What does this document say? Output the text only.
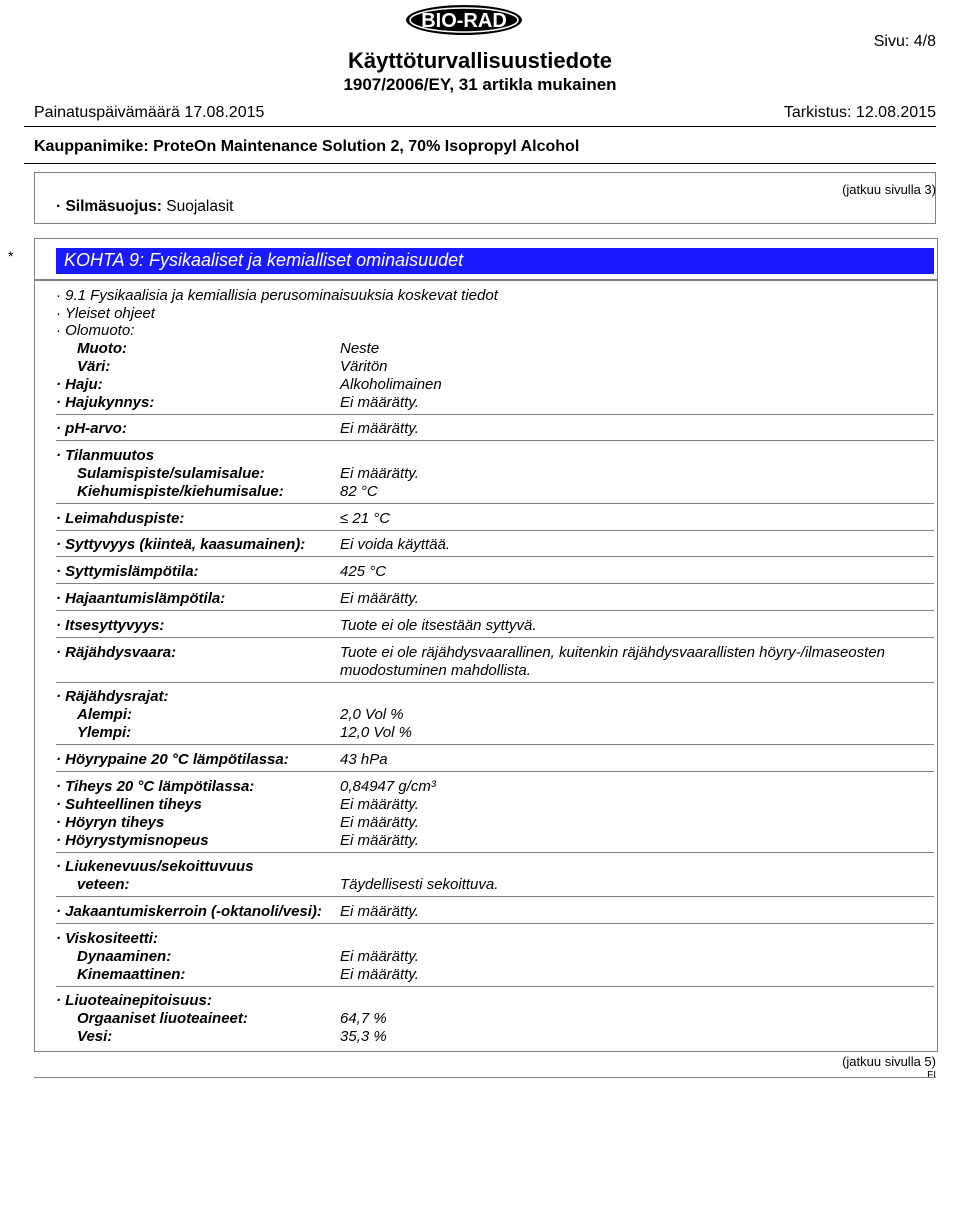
BIO-RAD
Sivu: 4/8
Käyttöturvallisuustiedote
1907/2006/EY, 31 artikla mukainen
Painatuspäivämäärä 17.08.2015	Tarkistus: 12.08.2015
Kauppanimike: ProteOn Maintenance Solution 2, 70% Isopropyl Alcohol
(jatkuu sivulla 3)
· Silmäsuojus: Suojalasit
*	KOHTA 9: Fysikaaliset ja kemialliset ominaisuudet
· 9.1 Fysikaalisia ja kemiallisia perusominaisuuksia koskevat tiedot
· Yleiset ohjeet
· Olomuoto:
Muoto:	Neste
Väri:	Väritön
· Haju:	Alkoholimainen
· Hajukynnys:	Ei määrätty.
· pH-arvo:	Ei määrätty.
· Tilanmuutos
Sulamispiste/sulamisalue:	Ei määrätty.
Kiehumispiste/kiehumisalue:	82 °C
· Leimahduspiste:	≤ 21 °C
· Syttyvyys (kiinteä, kaasumainen): Ei voida käyttää.
· Syttymislämpötila:	425 °C
· Hajaantumislämpötila:	Ei määrätty.
· Itsesyttyvyys:	Tuote ei ole itsestään syttyvä.
· Räjähdysvaara:	Tuote ei ole räjähdysvaarallinen, kuitenkin räjähdysvaarallisten höyry-/ilmaseosten muodostuminen mahdollista.
· Räjähdysrajat:
Alempi:	2,0 Vol %
Ylempi:	12,0 Vol %
· Höyrypaine 20 °C lämpötilassa:	43 hPa
· Tiheys 20 °C lämpötilassa:	0,84947 g/cm³
· Suhteellinen tiheys	Ei määrätty.
· Höyryn tiheys	Ei määrätty.
· Höyrystymisnopeus	Ei määrätty.
· Liukenevuus/sekoittuvuus
veteen:	Täydellisesti sekoittuva.
· Jakaantumiskerroin (-oktanoli/vesi): Ei määrätty.
· Viskositeetti:
Dynaaminen:	Ei määrätty.
Kinemaattinen:	Ei määrätty.
· Liuoteainepitoisuus:
Orgaaniset liuoteaineet:	64,7 %
Vesi:	35,3 %
(jatkuu sivulla 5)
FI
